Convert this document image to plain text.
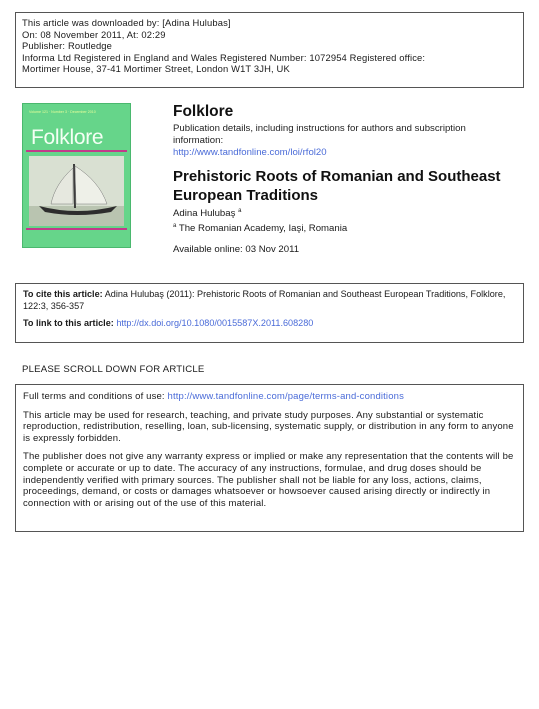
This article was downloaded by: [Adina Hulubas]
On: 08 November 2011, At: 02:29
Publisher: Routledge
Informa Ltd Registered in England and Wales Registered Number: 1072954 Registered office:
Mortimer House, 37-41 Mortimer Street, London W1T 3JH, UK
Volume 121 · Number 3 · December 2010
Folklore
Folklore
Publication details, including instructions for authors and subscription information:
http://www.tandfonline.com/loi/rfol20
Prehistoric Roots of Romanian and Southeast European Traditions
Adina Hulubaş $^a$
$^a$ The Romanian Academy, Iaşi, Romania
Available online: 03 Nov 2011
To cite this article: Adina Hulubaş (2011): Prehistoric Roots of Romanian and Southeast European Traditions, Folklore, 122:3, 356-357
To link to this article: http://dx.doi.org/10.1080/0015587X.2011.608280
PLEASE SCROLL DOWN FOR ARTICLE

Full terms and conditions of use: http://www.tandfonline.com/page/terms-and-conditions

This article may be used for research, teaching, and private study purposes. Any substantial or systematic reproduction, redistribution, reselling, loan, sub-licensing, systematic supply, or distribution in any form to anyone is expressly forbidden.

The publisher does not give any warranty express or implied or make any representation that the contents will be complete or accurate or up to date. The accuracy of any instructions, formulae, and drug doses should be independently verified with primary sources. The publisher shall not be liable for any loss, actions, claims, proceedings, demand, or costs or damages whatsoever or howsoever caused arising directly or indirectly in connection with or arising out of the use of this material.
